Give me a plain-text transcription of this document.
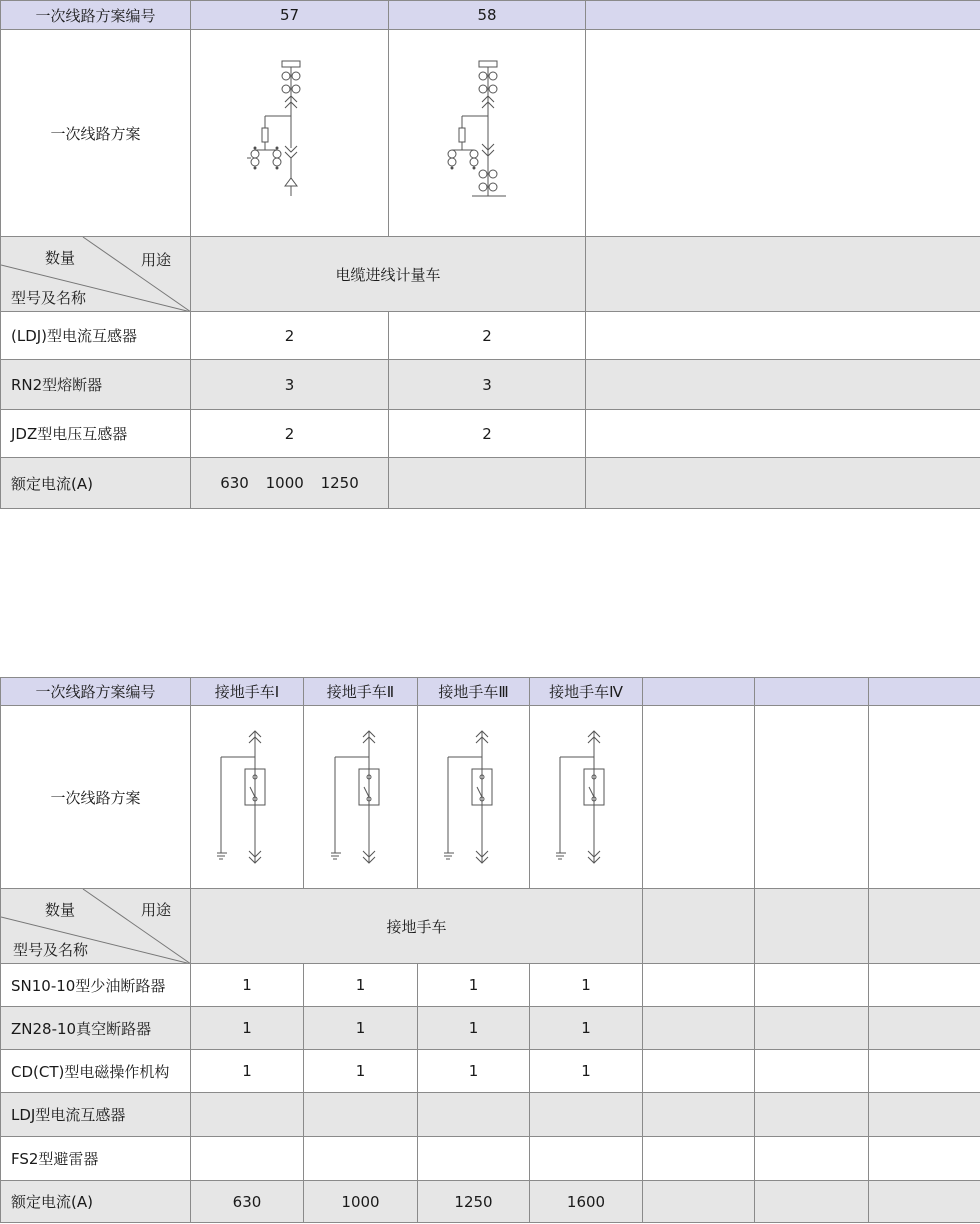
一次线路方案编号	57	58	
一次线路方案	

数量 用途
型号及名称	电缆进线计量车		
(LDJ)型电流互感器	2	2	
RN2型熔断器	3	3	
JDZ型电压互感器	2	2	
额定电流(A)	630 1000 1250		
一次线路方案编号	接地手车Ⅰ	接地手车Ⅱ	接地手车Ⅲ	接地手车Ⅳ			
一次线路方案	

数量 用途
型号及名称	接地手车						
SN10-10型少油断路器	1	1	1	1			
ZN28-10真空断路器	1	1	1	1			
CD(CT)型电磁操作机构	1	1	1	1			
LDJ型电流互感器							
FS2型避雷器							
额定电流(A)	630	1000	1250	1600			
